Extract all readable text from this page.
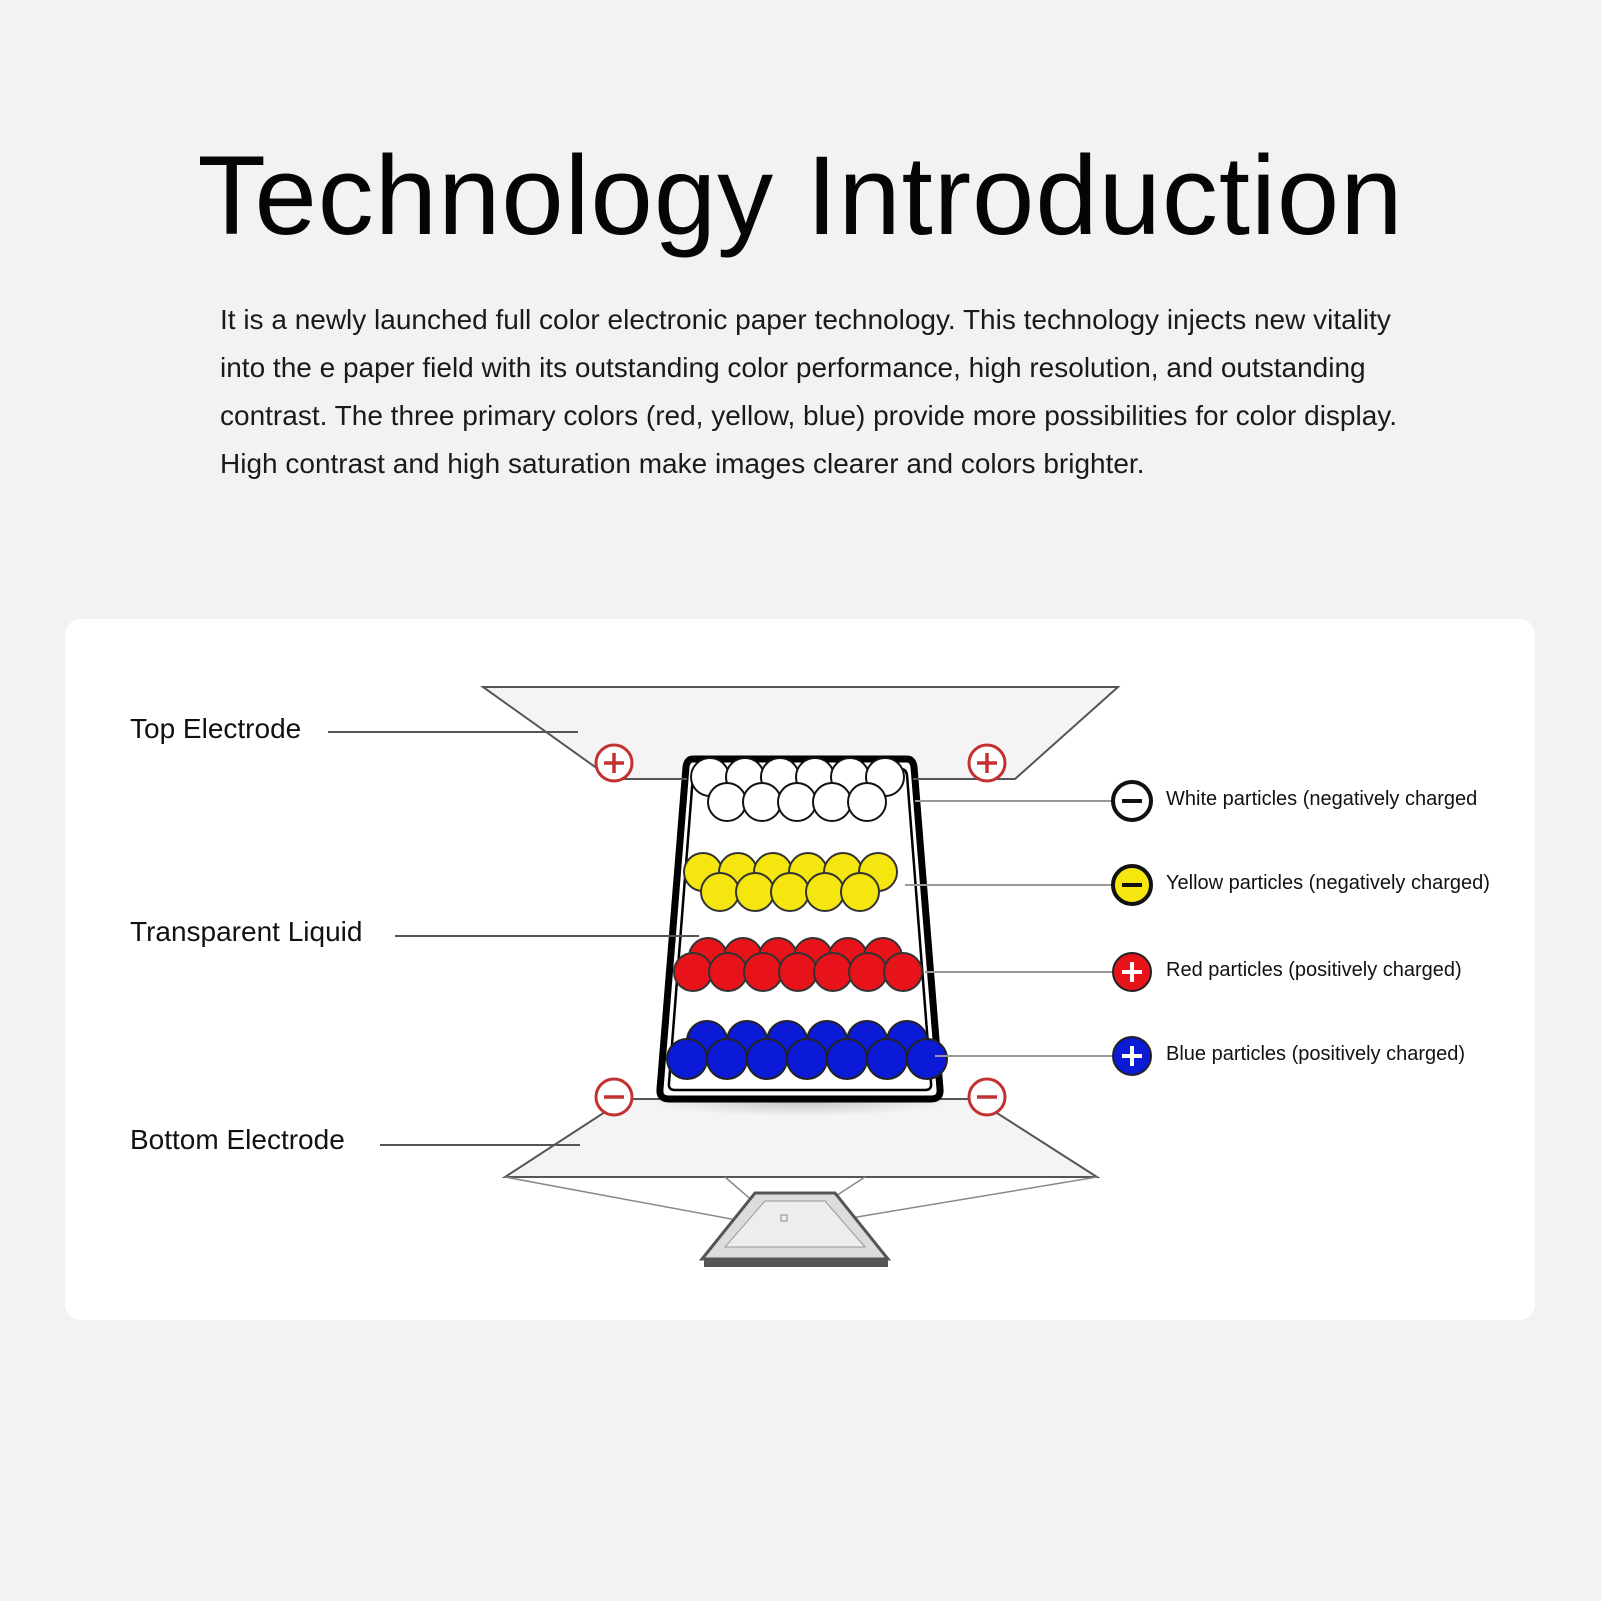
Technology Introduction
It is a newly launched full color electronic paper technology. This technology injects new vitality into the e paper field with its outstanding color performance, high resolution, and outstanding contrast. The three primary colors (red, yellow, blue) provide more possibilities for color display. High contrast and high saturation make images clearer and colors brighter.
Top Electrode
Transparent Liquid
Bottom Electrode
White particles (negatively charged
Yellow particles (negatively charged)
Red particles (positively charged)
Blue particles (positively charged)
